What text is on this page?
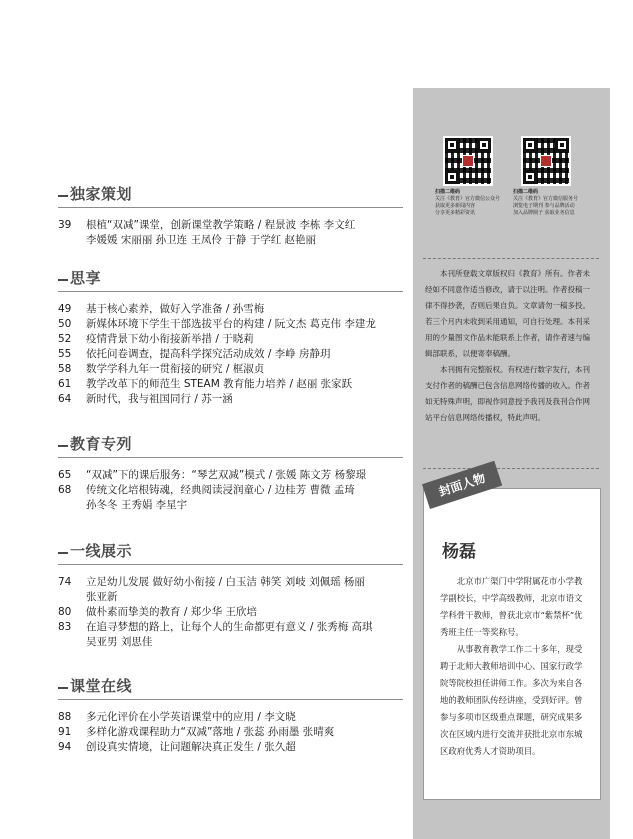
独家策划
39	根植“双减”课堂，创新课堂教学策略 / 程景波 李栋 李文红
李媛媛 宋丽丽 孙卫连 王凤伶 于静 于学红 赵艳丽
思享
49	基于核心素养，做好入学准备 / 孙雪梅
50	新媒体环境下学生干部选拔平台的构建 / 阮文杰 葛克伟 李建龙
52	疫情背景下幼小衔接新举措 / 于晓莉
55	依托问卷调查，提高科学探究活动成效 / 李峥 房静玥
58	数学学科九年一贯衔接的研究 / 框淑贞
61	教学改革下的师范生 STEAM 教育能力培养 / 赵丽 张家跃
64	新时代，我与祖国同行 / 苏一涵
教育专列
65	“双减”下的课后服务：“琴艺双减”模式 / 张媛 陈文芳 杨黎璟
68	传统文化培根铸魂，经典阅读浸润童心 / 边桂芳 曹微 孟琦
孙冬冬 王秀娟 李星宇
一线展示
74	立足幼儿发展 做好幼小衔接 / 白玉洁 韩笑 刘岐 刘佩瑶 杨丽
张亚新
80	做朴素而挚美的教育 / 郑少华 王欣培
83	在追寻梦想的路上，让每个人的生命都更有意义 / 张秀梅 高琪
吴亚男 刘思佳
课堂在线
88	多元化评价在小学英语课堂中的应用 / 李文晓
91	多样化游戏课程助力“双减”落地 / 张蕊 孙雨墨 张晴爽
94	创设真实情境，让问题解决真正发生 / 张久超
扫描二维码
关注《教育》官方微信公众号
获取更多新闻内容
分享更多精彩资讯
扫描二维码
关注《教育》官方微信服务号
浏览电子期刊 参与品牌活动
加入品牌圈子 获取业务信息

本刊所登载文章版权归《教育》所有。作者未经如不同意作适当修改，请于以注明。作者投稿一律不得抄袭，否则后果自负。文章请勿一稿多投。若三个月内未收到采用通知，可自行处理。本刊采用的少量图文作品未能联系上作者，请作者速与编辑部联系，以便寄奉稿酬。

本刊拥有完整版权。有权进行数字发行，本刊支付作者的稿酬已包含信息网络传播的收入。作者如无特殊声明，即视作同意授予我刊及我刊合作网站平台信息网络传播权，特此声明。

封面人物
杨磊

北京市广渠门中学附属花市小学教学副校长，中学高级教师，北京市语文学科骨干教师，曾获北京市“紫禁杯”优秀班主任一等奖称号。

从事教育教学工作二十多年，现受聘于北师大教师培训中心、国家行政学院等院校担任讲师工作。多次为来自各地的教师团队传经讲座，受到好评。曾参与多项市区级重点课题，研究成果多次在区域内进行交流并获批北京市东城区政府优秀人才资助项目。
